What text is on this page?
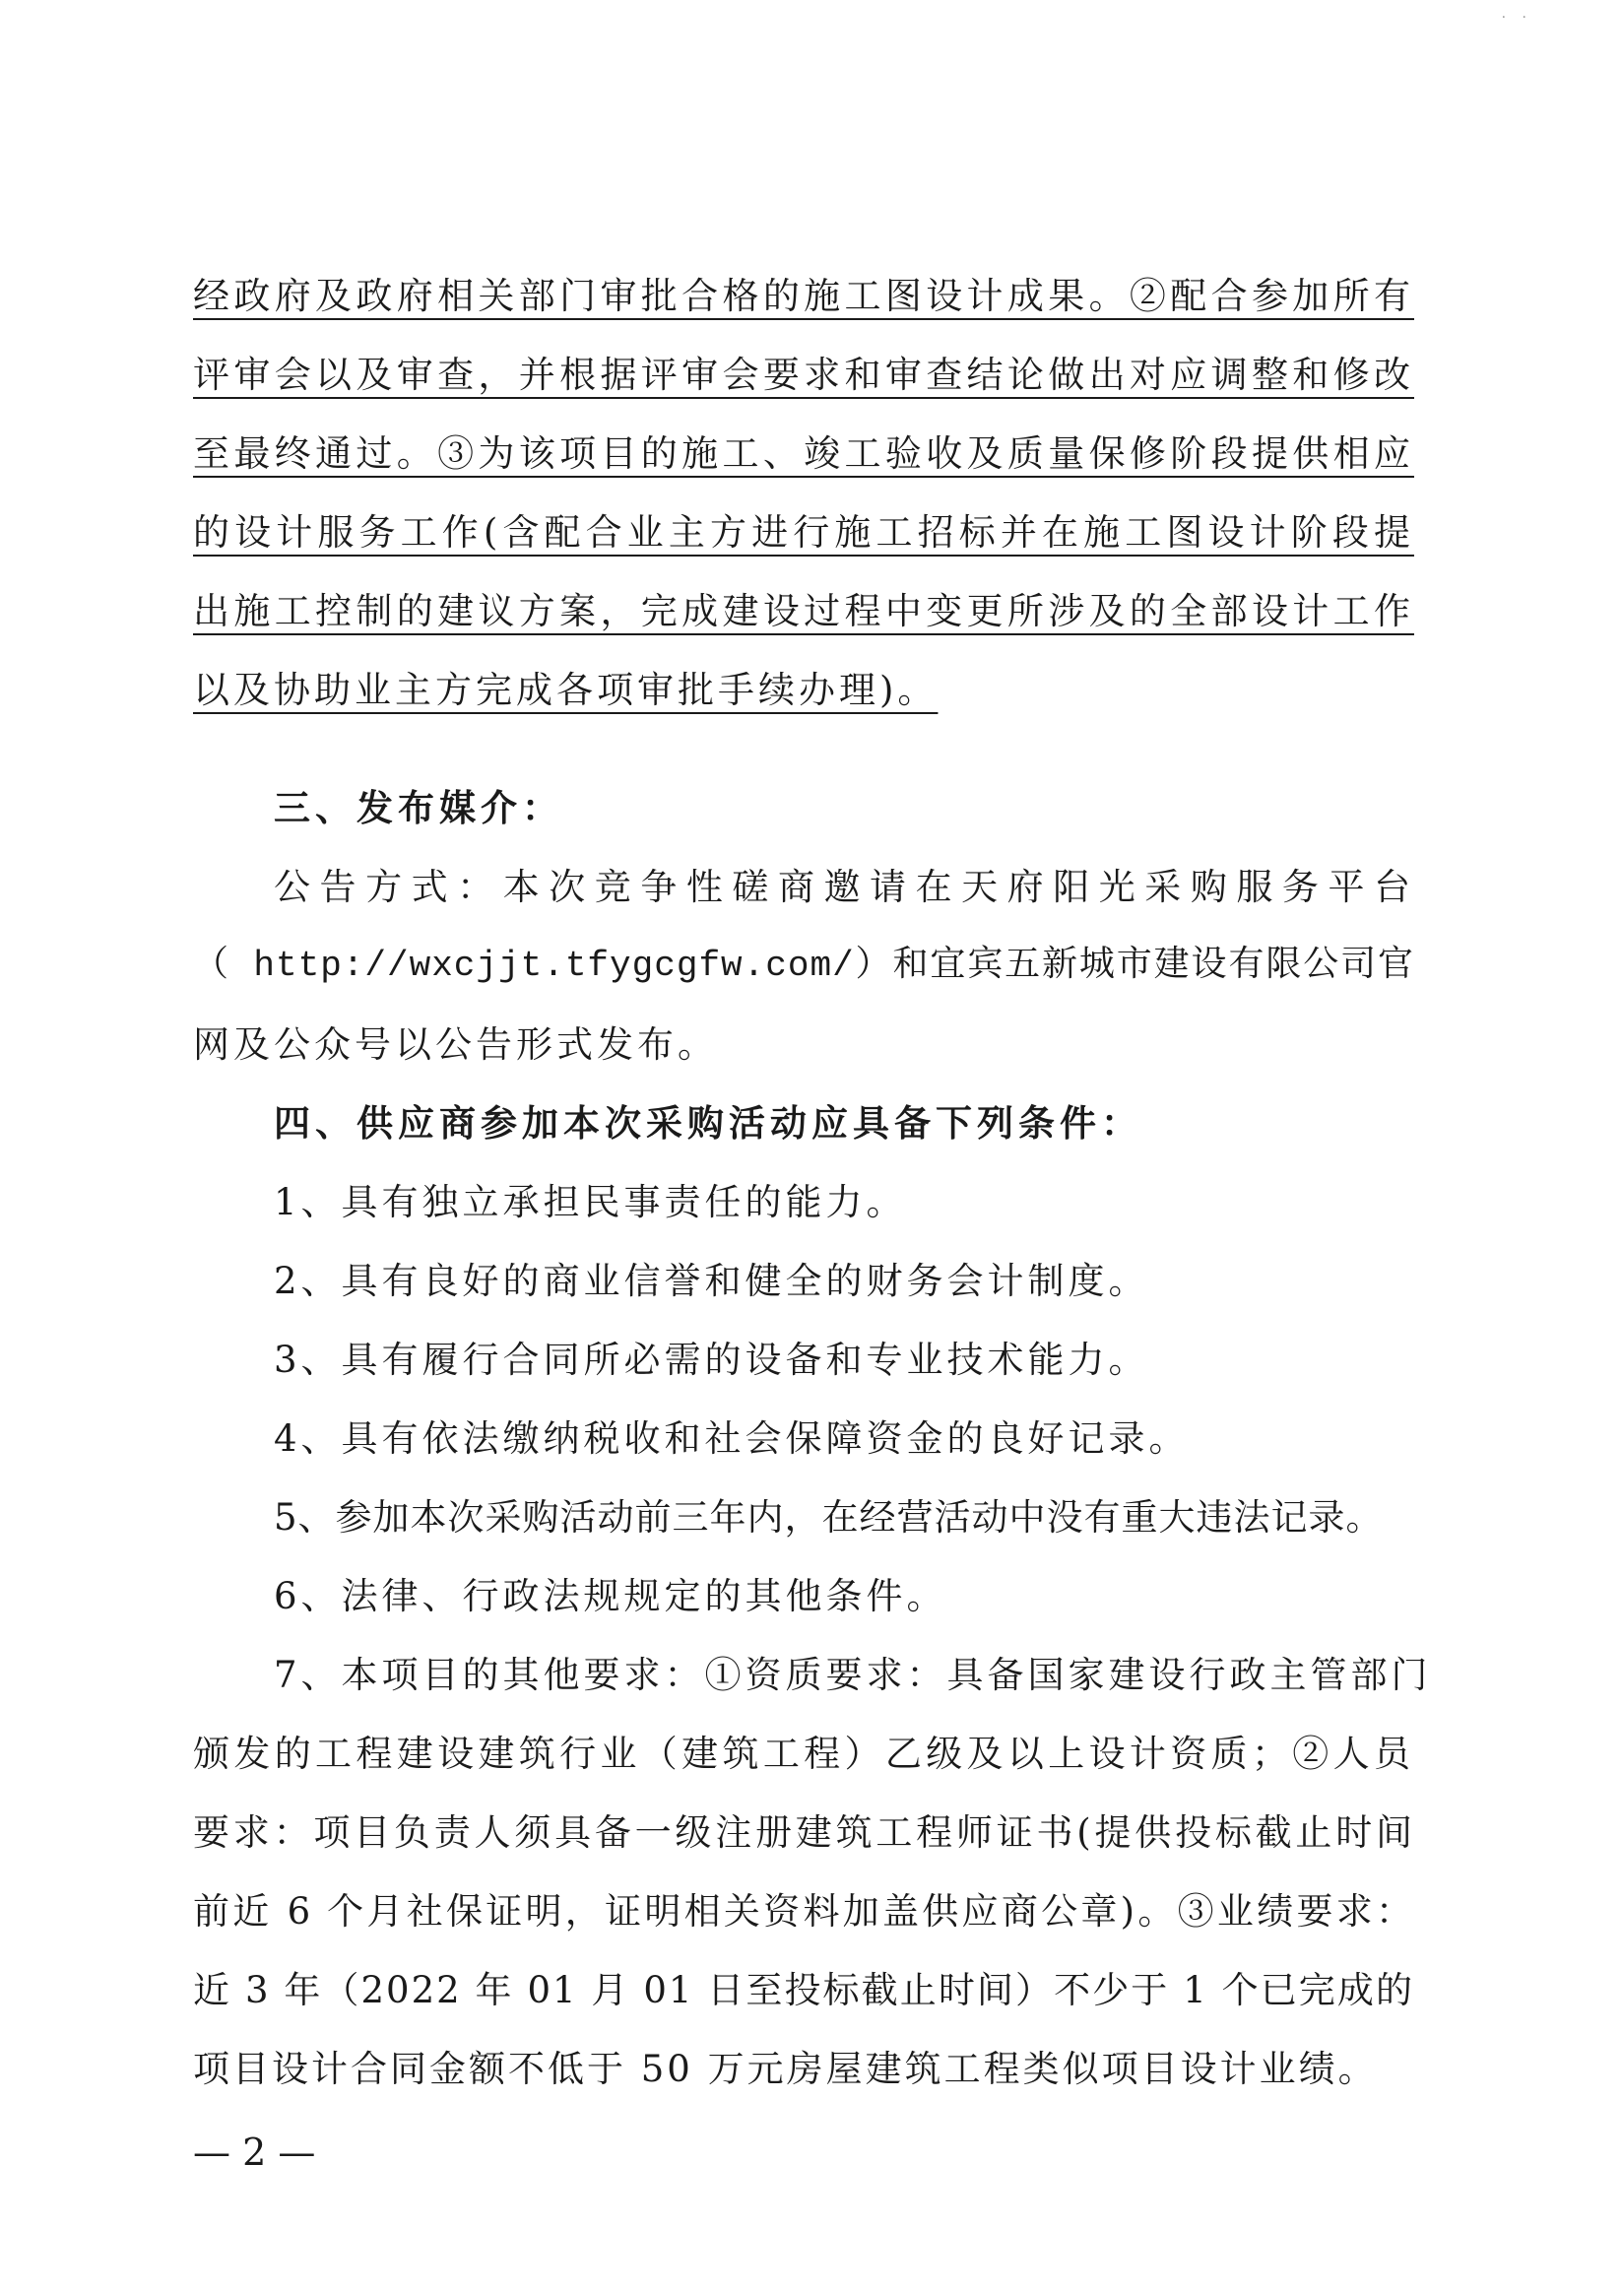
· ·
经政府及政府相关部门审批合格的施工图设计成果。②配合参加所有
评审会以及审查，并根据评审会要求和审查结论做出对应调整和修改
至最终通过。③为该项目的施工、竣工验收及质量保修阶段提供相应
的设计服务工作(含配合业主方进行施工招标并在施工图设计阶段提
出施工控制的建议方案，完成建设过程中变更所涉及的全部设计工作
以及协助业主方完成各项审批手续办理)。
三、发布媒介：
公告方式：本次竞争性磋商邀请在天府阳光采购服务平台
（ http://wxcjjt.tfygcgfw.com/）和宜宾五新城市建设有限公司官
网及公众号以公告形式发布。
四、供应商参加本次采购活动应具备下列条件：
1、具有独立承担民事责任的能力。
2、具有良好的商业信誉和健全的财务会计制度。
3、具有履行合同所必需的设备和专业技术能力。
4、具有依法缴纳税收和社会保障资金的良好记录。
5、参加本次采购活动前三年内，在经营活动中没有重大违法记录。
6、法律、行政法规规定的其他条件。
7、本项目的其他要求：①资质要求：具备国家建设行政主管部门
颁发的工程建设建筑行业（建筑工程）乙级及以上设计资质；②人员
要求：项目负责人须具备一级注册建筑工程师证书(提供投标截止时间
前近 6 个月社保证明，证明相关资料加盖供应商公章)。③业绩要求：
近 3 年（2022 年 01 月 01 日至投标截止时间）不少于 1 个已完成的
项目设计合同金额不低于 50 万元房屋建筑工程类似项目设计业绩。
— 2 —
